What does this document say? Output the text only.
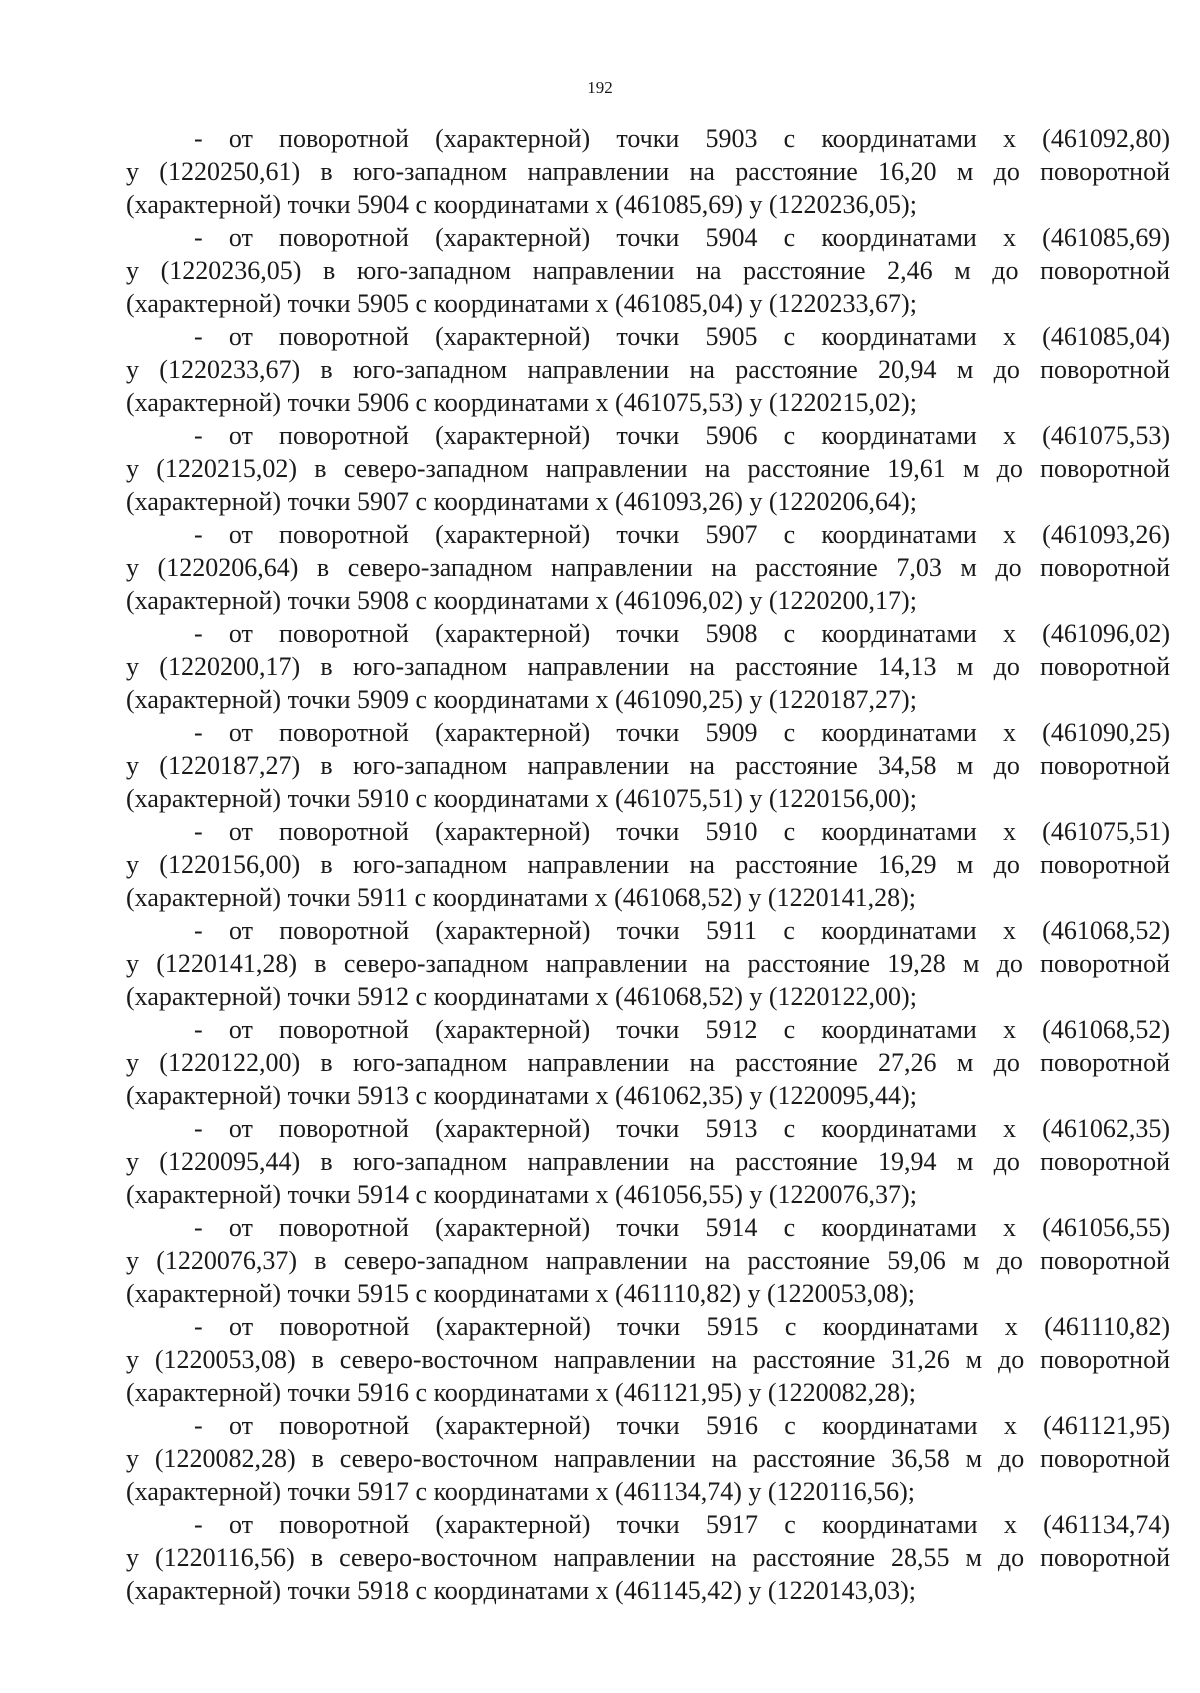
192

- от поворотной (характерной) точки 5903 с координатами х (461092,80)
у (1220250,61) в юго-западном направлении на расстояние 16,20 м до поворотной
(характерной) точки 5904 с координатами х (461085,69) у (1220236,05);

- от поворотной (характерной) точки 5904 с координатами х (461085,69)
у (1220236,05) в юго-западном направлении на расстояние 2,46 м до поворотной
(характерной) точки 5905 с координатами х (461085,04) у (1220233,67);

- от поворотной (характерной) точки 5905 с координатами х (461085,04)
у (1220233,67) в юго-западном направлении на расстояние 20,94 м до поворотной
(характерной) точки 5906 с координатами х (461075,53) у (1220215,02);

- от поворотной (характерной) точки 5906 с координатами х (461075,53)
у (1220215,02) в северо-западном направлении на расстояние 19,61 м до поворотной
(характерной) точки 5907 с координатами х (461093,26) у (1220206,64);

- от поворотной (характерной) точки 5907 с координатами х (461093,26)
у (1220206,64) в северо-западном направлении на расстояние 7,03 м до поворотной
(характерной) точки 5908 с координатами х (461096,02) у (1220200,17);

- от поворотной (характерной) точки 5908 с координатами х (461096,02)
у (1220200,17) в юго-западном направлении на расстояние 14,13 м до поворотной
(характерной) точки 5909 с координатами х (461090,25) у (1220187,27);

- от поворотной (характерной) точки 5909 с координатами х (461090,25)
у (1220187,27) в юго-западном направлении на расстояние 34,58 м до поворотной
(характерной) точки 5910 с координатами х (461075,51) у (1220156,00);

- от поворотной (характерной) точки 5910 с координатами х (461075,51)
у (1220156,00) в юго-западном направлении на расстояние 16,29 м до поворотной
(характерной) точки 5911 с координатами х (461068,52) у (1220141,28);

- от поворотной (характерной) точки 5911 с координатами х (461068,52)
у (1220141,28) в северо-западном направлении на расстояние 19,28 м до поворотной
(характерной) точки 5912 с координатами х (461068,52) у (1220122,00);

- от поворотной (характерной) точки 5912 с координатами х (461068,52)
у (1220122,00) в юго-западном направлении на расстояние 27,26 м до поворотной
(характерной) точки 5913 с координатами х (461062,35) у (1220095,44);

- от поворотной (характерной) точки 5913 с координатами х (461062,35)
у (1220095,44) в юго-западном направлении на расстояние 19,94 м до поворотной
(характерной) точки 5914 с координатами х (461056,55) у (1220076,37);

- от поворотной (характерной) точки 5914 с координатами х (461056,55)
у (1220076,37) в северо-западном направлении на расстояние 59,06 м до поворотной
(характерной) точки 5915 с координатами х (461110,82) у (1220053,08);

- от поворотной (характерной) точки 5915 с координатами х (461110,82)
у (1220053,08) в северо-восточном направлении на расстояние 31,26 м до поворотной
(характерной) точки 5916 с координатами х (461121,95) у (1220082,28);

- от поворотной (характерной) точки 5916 с координатами х (461121,95)
у (1220082,28) в северо-восточном направлении на расстояние 36,58 м до поворотной
(характерной) точки 5917 с координатами х (461134,74) у (1220116,56);

- от поворотной (характерной) точки 5917 с координатами х (461134,74)
у (1220116,56) в северо-восточном направлении на расстояние 28,55 м до поворотной
(характерной) точки 5918 с координатами х (461145,42) у (1220143,03);
